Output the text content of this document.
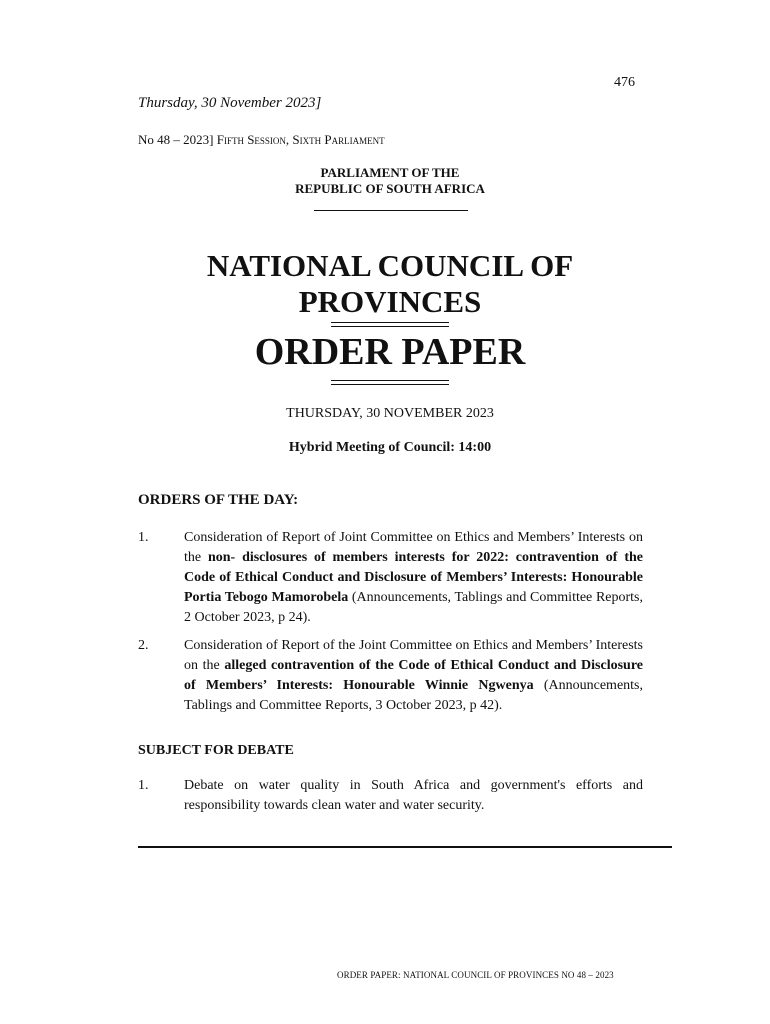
476
Thursday, 30 November 2023]
No 48 – 2023] Fifth Session, Sixth Parliament
PARLIAMENT OF THE
REPUBLIC OF SOUTH AFRICA
NATIONAL COUNCIL OF
PROVINCES
ORDER PAPER
THURSDAY, 30 NOVEMBER 2023
Hybrid Meeting of Council: 14:00
ORDERS OF THE DAY:
1.	Consideration of Report of Joint Committee on Ethics and Members’ Interests on the non- disclosures of members interests for 2022: contravention of the Code of Ethical Conduct and Disclosure of Members’ Interests: Honourable Portia Tebogo Mamorobela (Announcements, Tablings and Committee Reports, 2 October 2023, p 24).
2.	Consideration of Report of the Joint Committee on Ethics and Members’ Interests on the alleged contravention of the Code of Ethical Conduct and Disclosure of Members’ Interests: Honourable Winnie Ngwenya (Announcements, Tablings and Committee Reports, 3 October 2023, p 42).
SUBJECT FOR DEBATE
1.	Debate on water quality in South Africa and government's efforts and responsibility towards clean water and water security.
ORDER PAPER: NATIONAL COUNCIL OF PROVINCES NO 48 – 2023
